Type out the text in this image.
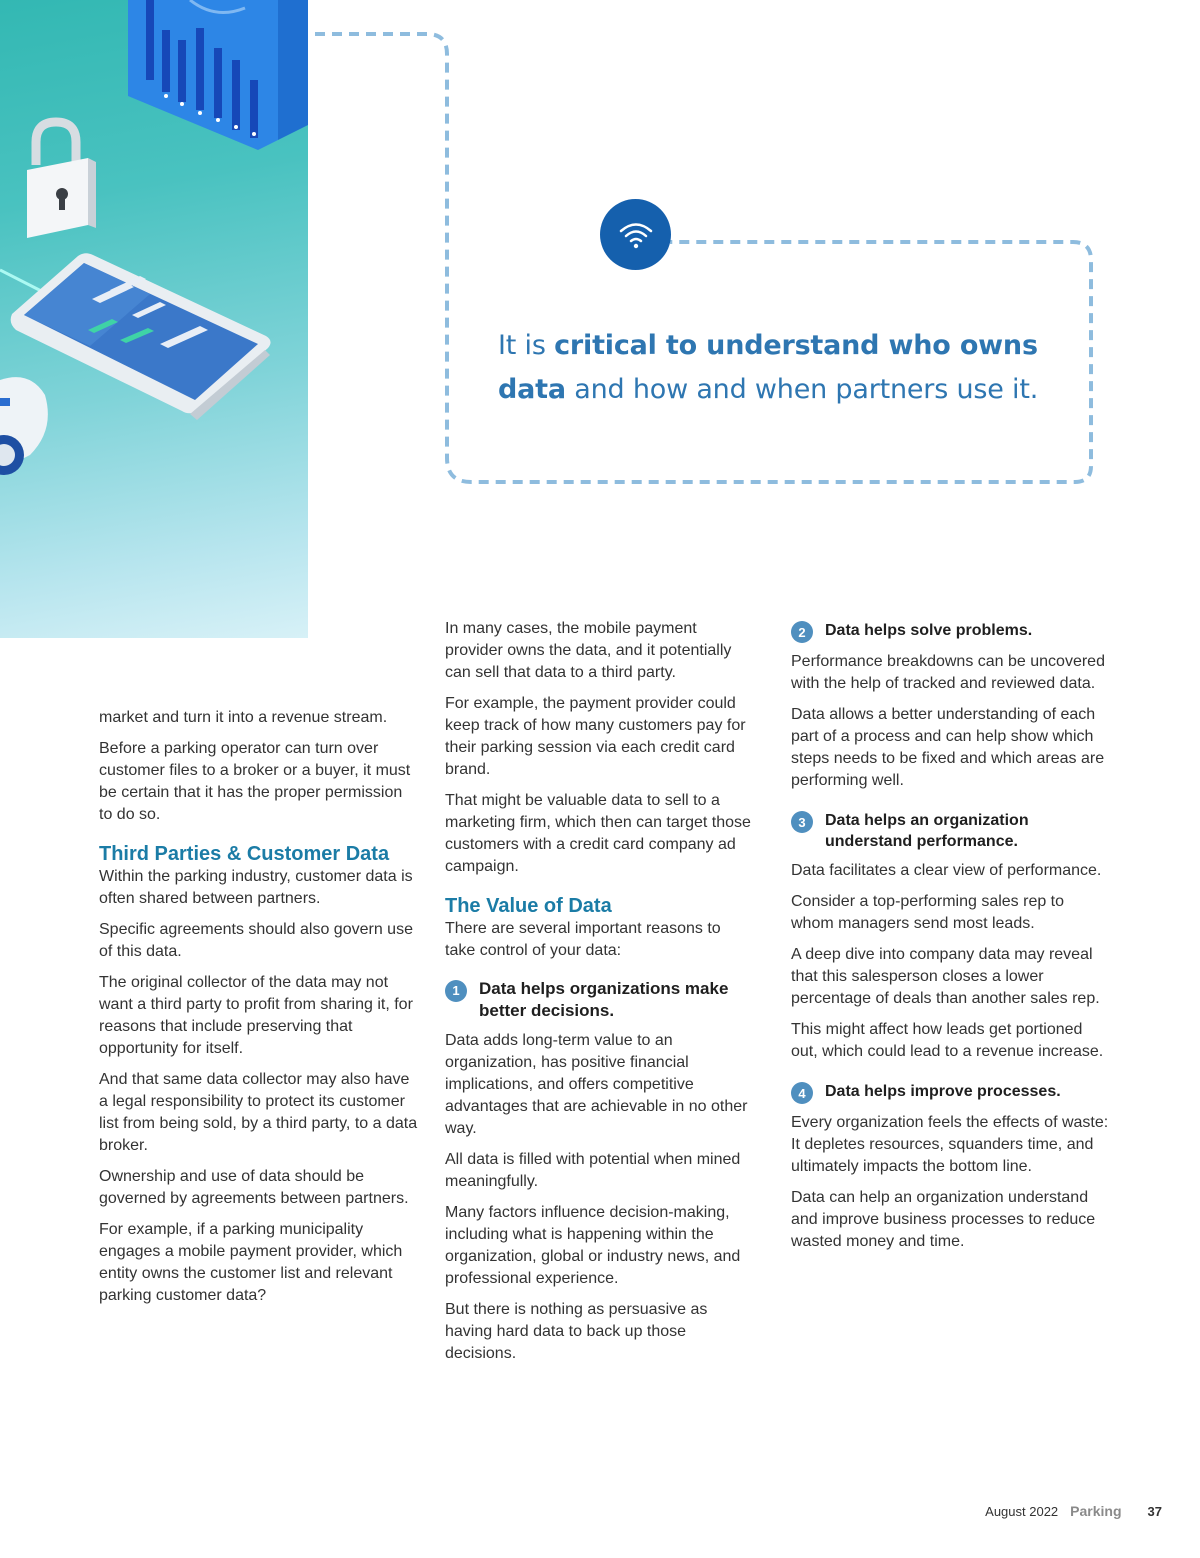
It is critical to understand who owns data and how and when partners use it.

market and turn it into a revenue stream.

Before a parking operator can turn over customer files to a broker or a buyer, it must be certain that it has the proper permission to do so.

Third Parties & Customer Data

Within the parking industry, customer data is often shared between partners.

Specific agreements should also govern use of this data.

The original collector of the data may not want a third party to profit from sharing it, for reasons that include preserving that opportunity for itself.

And that same data collector may also have a legal responsibility to protect its customer list from being sold, by a third party, to a data broker.

Ownership and use of data should be governed by agreements between partners.

For example, if a parking municipality engages a mobile payment provider, which entity owns the customer list and relevant parking customer data?

In many cases, the mobile payment provider owns the data, and it potentially can sell that data to a third party.

For example, the payment provider could keep track of how many customers pay for their parking session via each credit card brand.

That might be valuable data to sell to a marketing firm, which then can target those customers with a credit card company ad campaign.

The Value of Data

There are several important reasons to take control of your data:

1	Data helps organizations make better decisions.

Data adds long-term value to an organization, has positive financial implications, and offers competitive advantages that are achievable in no other way.

All data is filled with potential when mined meaningfully.

Many factors influence decision-making, including what is happening within the organization, global or industry news, and professional experience.

But there is nothing as persuasive as having hard data to back up those decisions.

2	Data helps solve problems.

Performance breakdowns can be uncovered with the help of tracked and reviewed data.

Data allows a better understanding of each part of a process and can help show which steps needs to be fixed and which areas are performing well.

3	Data helps an organization understand performance.

Data facilitates a clear view of performance.

Consider a top-performing sales rep to whom managers send most leads.

A deep dive into company data may reveal that this salesperson closes a lower percentage of deals than another sales rep.

This might affect how leads get portioned out, which could lead to a revenue increase.

4	Data helps improve processes.

Every organization feels the effects of waste: It depletes resources, squanders time, and ultimately impacts the bottom line.

Data can help an organization understand and improve business processes to reduce wasted money and time.

August 2022 Parking 37
